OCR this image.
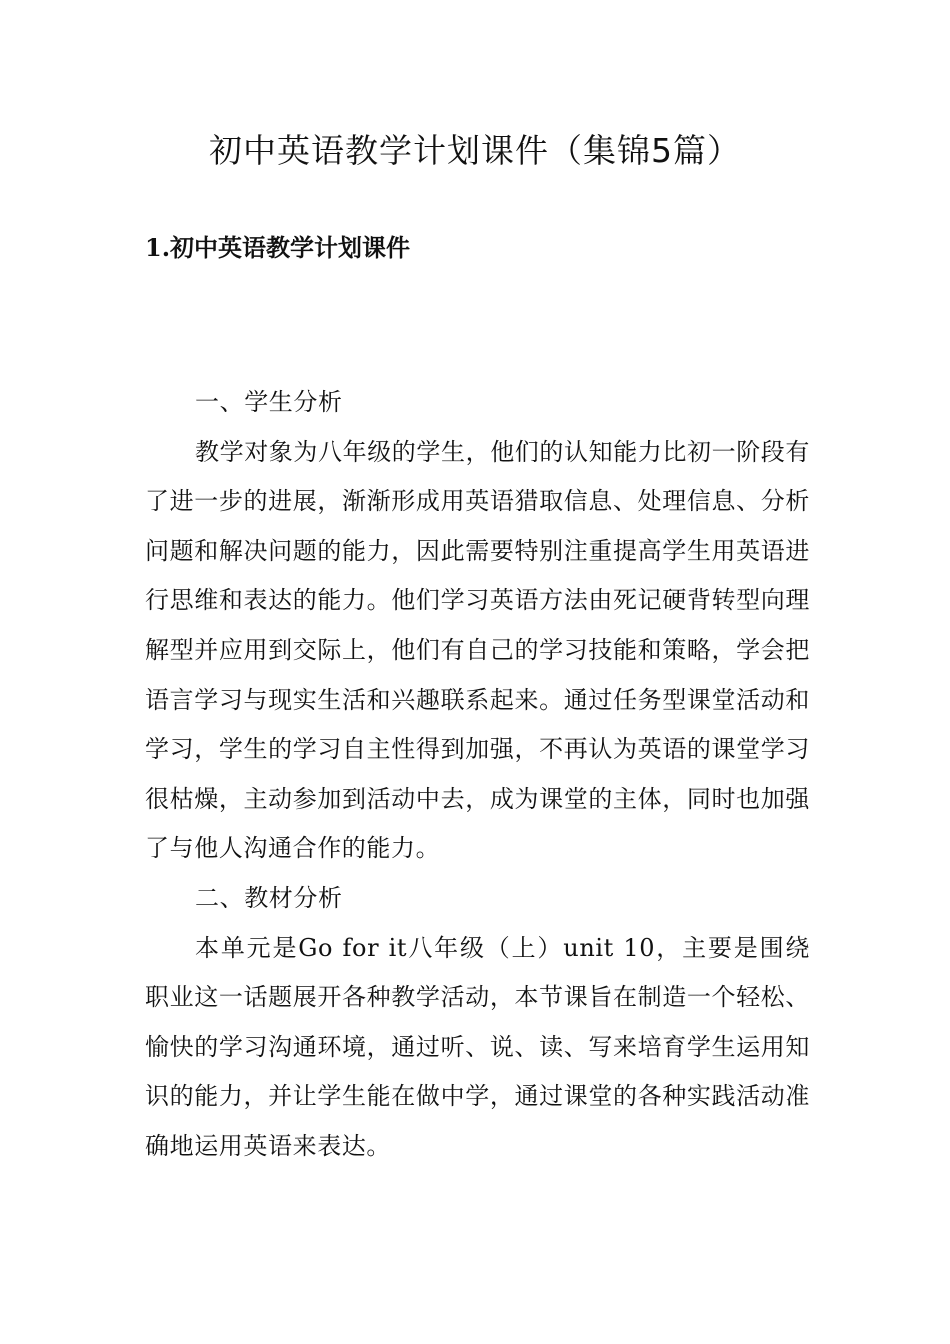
初中英语教学计划课件（集锦5篇）
1.初中英语教学计划课件

一、学生分析

教学对象为八年级的学生，他们的认知能力比初一阶段有了进一步的进展，渐渐形成用英语猎取信息、处理信息、分析问题和解决问题的能力，因此需要特别注重提高学生用英语进行思维和表达的能力。他们学习英语方法由死记硬背转型向理解型并应用到交际上，他们有自己的学习技能和策略，学会把语言学习与现实生活和兴趣联系起来。通过任务型课堂活动和学习，学生的学习自主性得到加强，不再认为英语的课堂学习很枯燥，主动参加到活动中去，成为课堂的主体，同时也加强了与他人沟通合作的能力。

二、教材分析

本单元是Go for it八年级（上）unit 10，主要是围绕职业这一话题展开各种教学活动，本节课旨在制造一个轻松、愉快的学习沟通环境，通过听、说、读、写来培育学生运用知识的能力，并让学生能在做中学，通过课堂的各种实践活动准确地运用英语来表达。
